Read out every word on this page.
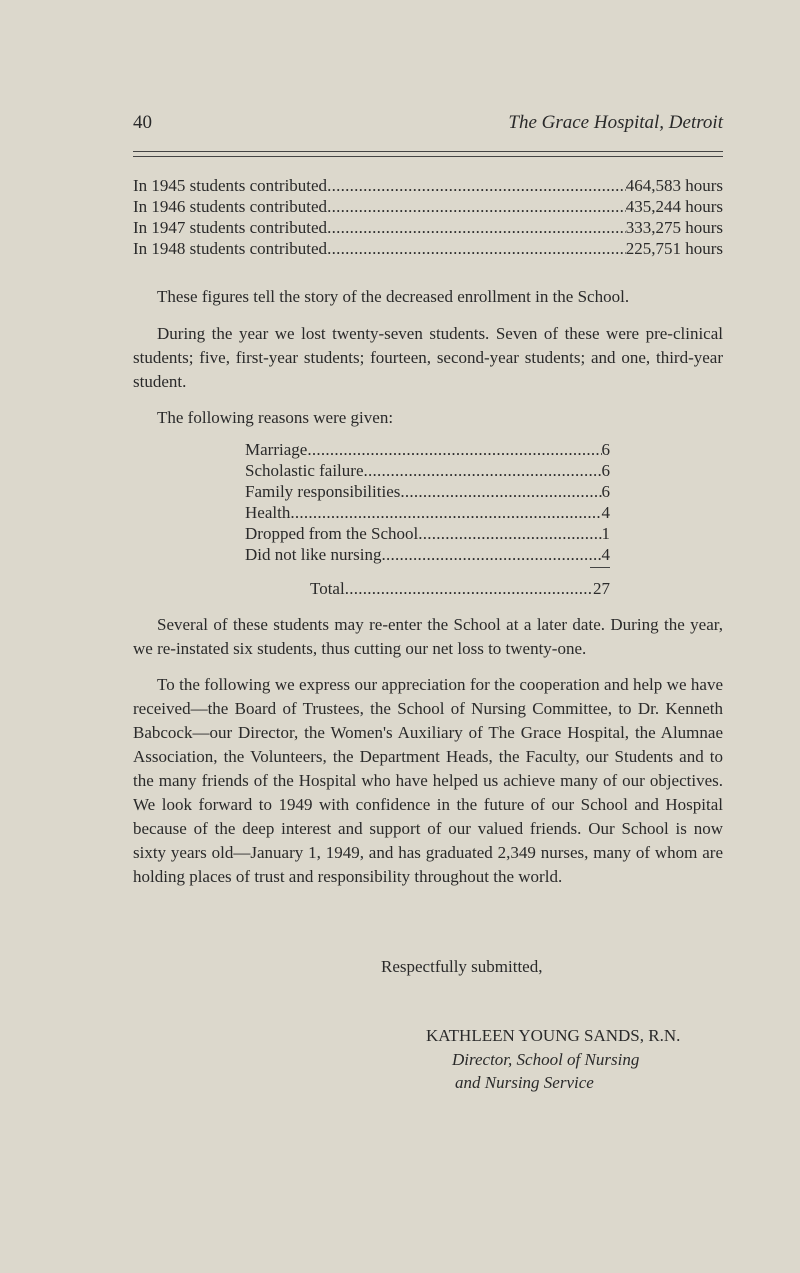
40	The Grace Hospital, Detroit
In 1945 students contributed . . .	464,583 hours
In 1946 students contributed . . .	435,244 hours
In 1947 students contributed . . .	333,275 hours
In 1948 students contributed . . .	225,751 hours

These figures tell the story of the decreased enrollment in the School.

During the year we lost twenty-seven students. Seven of these were pre-clinical students; five, first-year students; fourteen, second-year students; and one, third-year student.

The following reasons were given:

Marriage . . .	6
Scholastic failure . . .	6
Family responsibilities . . .	6
Health . . .	4
Dropped from the School . . .	1
Did not like nursing . . .	4
Total . . .	27

Several of these students may re-enter the School at a later date. During the year, we re-instated six students, thus cutting our net loss to twenty-one.

To the following we express our appreciation for the cooperation and help we have received—the Board of Trustees, the School of Nursing Committee, to Dr. Kenneth Babcock—our Director, the Women's Auxiliary of The Grace Hospital, the Alumnae Association, the Volunteers, the Department Heads, the Faculty, our Students and to the many friends of the Hospital who have helped us achieve many of our objectives. We look forward to 1949 with confidence in the future of our School and Hospital because of the deep interest and support of our valued friends. Our School is now sixty years old—January 1, 1949, and has graduated 2,349 nurses, many of whom are holding places of trust and responsibility throughout the world.

Respectfully submitted,
KATHLEEN YOUNG SANDS, R.N.
Director, School of Nursing
and Nursing Service
